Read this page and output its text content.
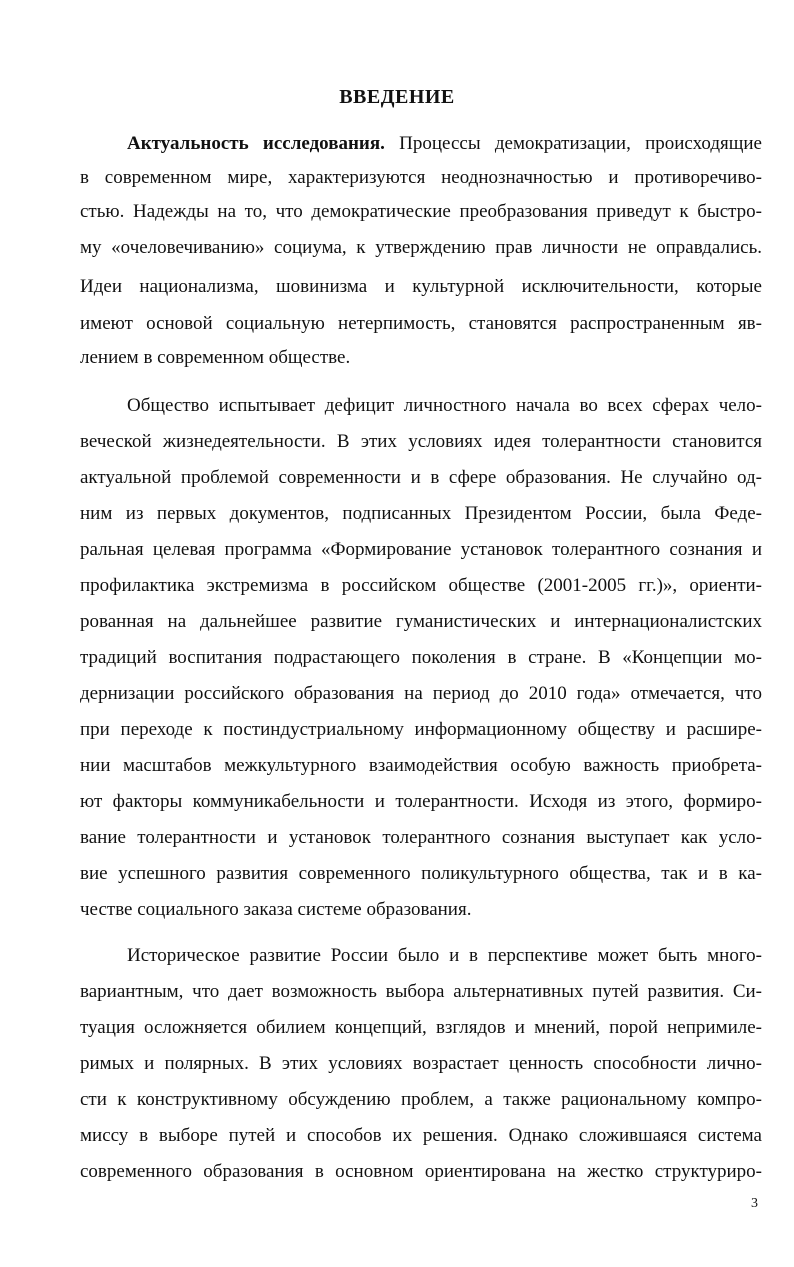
ВВЕДЕНИЕ
Актуальность исследования. Процессы демократизации, происходящие
в современном мире, характеризуются неоднозначностью и противоречиво-
стью. Надежды на то, что демократические преобразования приведут к быстро-
му «очеловечиванию» социума, к утверждению прав личности не оправдались.
Идеи национализма, шовинизма и культурной исключительности, которые
имеют основой социальную нетерпимость, становятся распространенным яв-
лением в современном обществе.
Общество испытывает дефицит личностного начала во всех сферах чело-
веческой жизнедеятельности. В этих условиях идея толерантности становится
актуальной проблемой современности и в сфере образования. Не случайно од-
ним из первых документов, подписанных Президентом России, была Феде-
ральная целевая программа «Формирование установок толерантного сознания и
профилактика экстремизма в российском обществе (2001-2005 гг.)», ориенти-
рованная на дальнейшее развитие гуманистических и интернационалистских
традиций воспитания подрастающего поколения в стране. В «Концепции мо-
дернизации российского образования на период до 2010 года» отмечается, что
при переходе к постиндустриальному информационному обществу и расшире-
нии масштабов межкультурного взаимодействия особую важность приобрета-
ют факторы коммуникабельности и толерантности. Исходя из этого, формиро-
вание толерантности и установок толерантного сознания выступает как усло-
вие успешного развития современного поликультурного общества, так и в ка-
честве социального заказа системе образования.
Историческое развитие России было и в перспективе может быть много-
вариантным, что дает возможность выбора альтернативных путей развития. Си-
туация осложняется обилием концепций, взглядов и мнений, порой непримиле-
римых и полярных. В этих условиях возрастает ценность способности лично-
сти к конструктивному обсуждению проблем, а также рациональному компро-
миссу в выборе путей и способов их решения. Однако сложившаяся система
современного образования в основном ориентирована на жестко структуриро-
3
